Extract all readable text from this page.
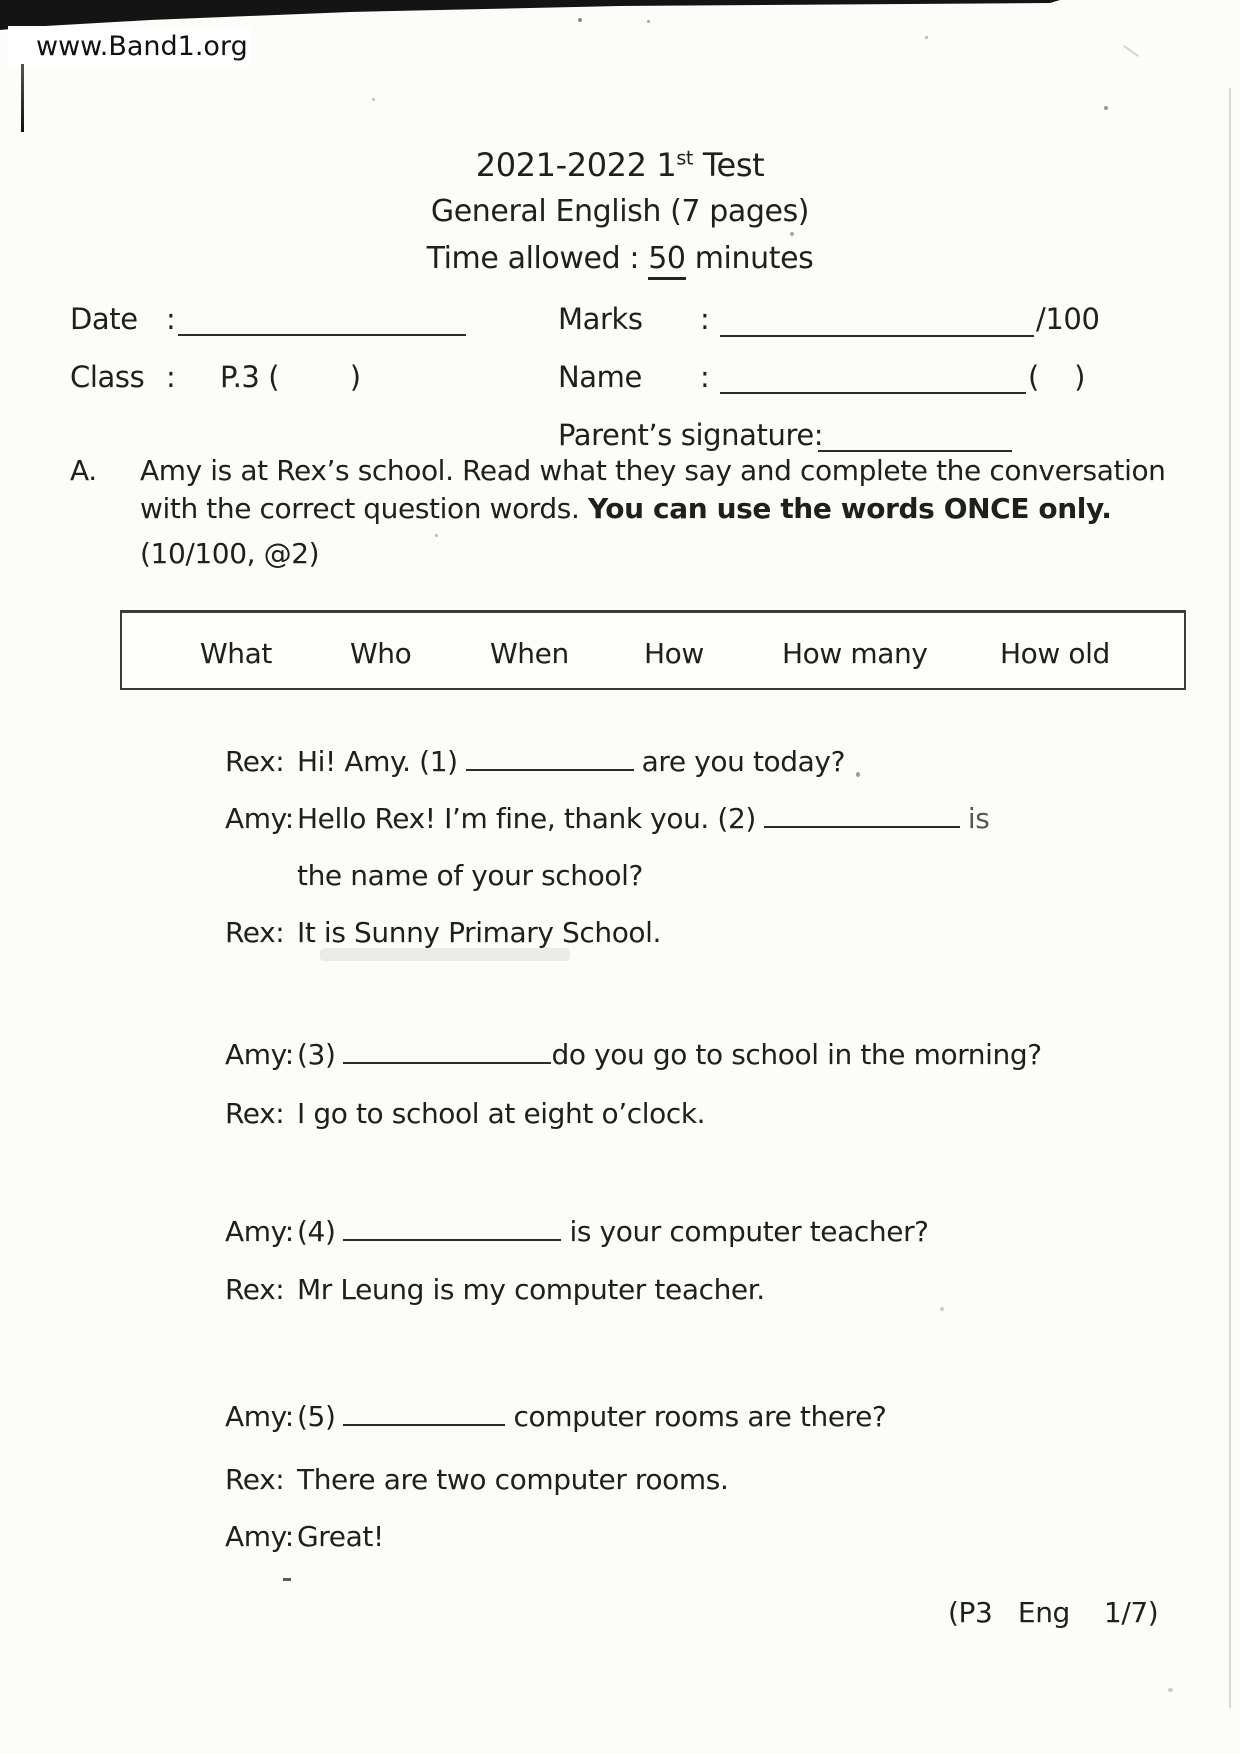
www.Band1.org
2021-2022 1st Test
General English (7 pages)
Time allowed : 50 minutes
Date :	Marks :	/100
Class : P.3 (        )	Name :	(    )
Parent’s signature:
A. Amy is at Rex’s school. Read what they say and complete the conversation
with the correct question words. You can use the words ONCE only.
(10/100, @2)
What	Who	When	How	How many	How old
Rex: Hi! Amy. (1)	are you today?
Amy: Hello Rex! I’m fine, thank you. (2)	is
the name of your school?
Rex: It is Sunny Primary School.
Amy: (3)	do you go to school in the morning?
Rex: I go to school at eight o’clock.
Amy: (4)	is your computer teacher?
Rex: Mr Leung is my computer teacher.
Amy: (5)	computer rooms are there?
Rex: There are two computer rooms.
Amy: Great!
(P3   Eng    1/7)
